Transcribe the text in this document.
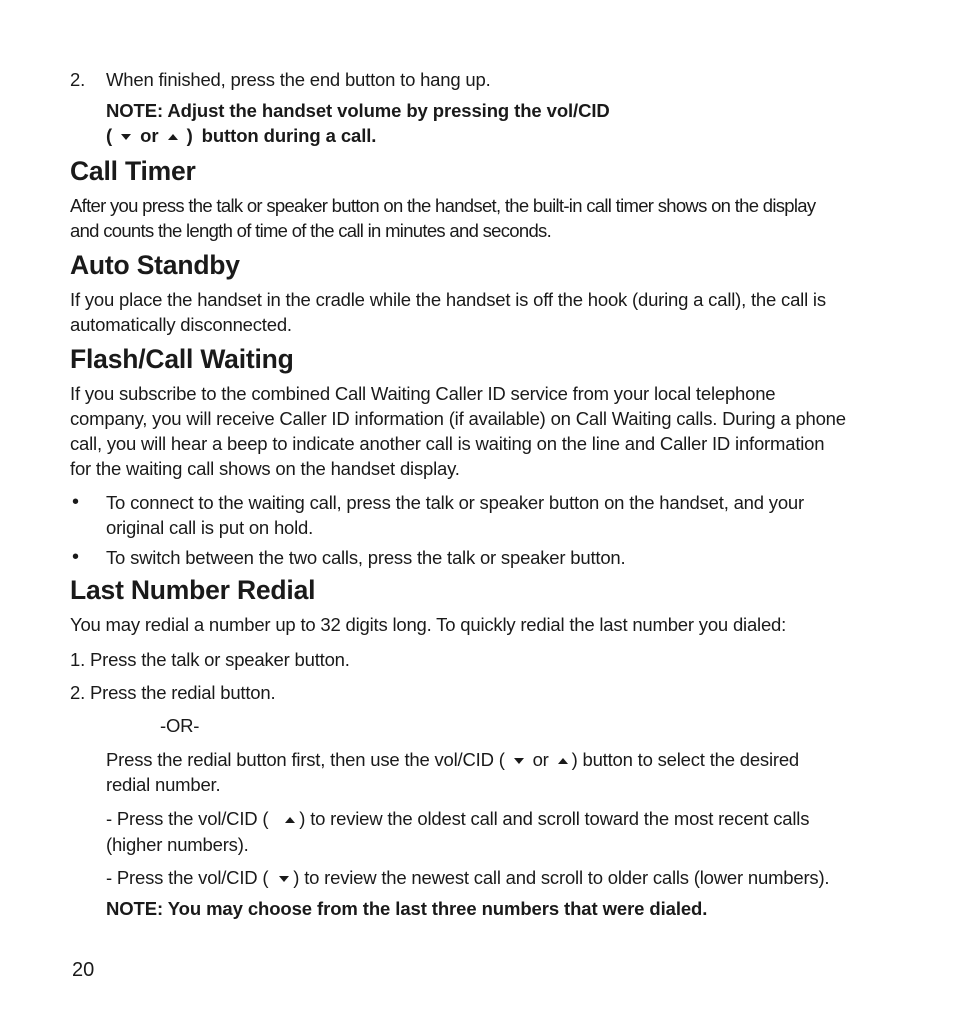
2. When finished, press the end button to hang up.
NOTE: Adjust the handset volume by pressing the vol/CID
( or ) button during a call.
Call Timer
After you press the talk or speaker button on the handset, the built-in call timer shows on the display
and counts the length of time of the call in minutes and seconds.
Auto Standby
If you place the handset in the cradle while the handset is off the hook (during a call), the call is
automatically disconnected.
Flash/Call Waiting
If you subscribe to the combined Call Waiting Caller ID service from your local telephone
company, you will receive Caller ID information (if available) on Call Waiting calls. During a phone
call, you will hear a beep to indicate another call is waiting on the line and Caller ID information
for the waiting call shows on the handset display.
• To connect to the waiting call, press the talk or speaker button on the handset, and your
original call is put on hold.
• To switch between the two calls, press the talk or speaker button.
Last Number Redial
You may redial a number up to 32 digits long. To quickly redial the last number you dialed:
1. Press the talk or speaker button.
2. Press the redial button.
-OR-
Press the redial button first, then use the vol/CID ( or ) button to select the desired
redial number.
- Press the vol/CID ( ) to review the oldest call and scroll toward the most recent calls
(higher numbers).
- Press the vol/CID ( ) to review the newest call and scroll to older calls (lower numbers).
NOTE: You may choose from the last three numbers that were dialed.
20
